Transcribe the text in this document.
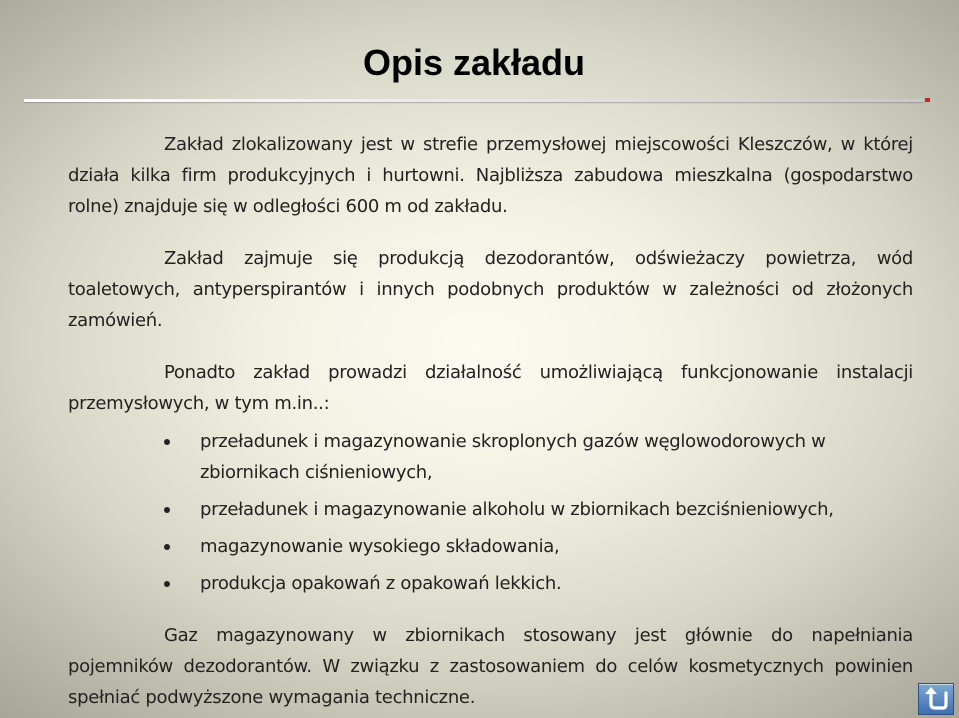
Opis zakładu

Zakład zlokalizowany jest w strefie przemysłowej miejscowości Kleszczów, w której działa kilka firm produkcyjnych i hurtowni. Najbliższa zabudowa mieszkalna (gospodarstwo rolne) znajduje się w odległości 600 m od zakładu.

Zakład zajmuje się produkcją dezodorantów, odświeżaczy powietrza, wód toaletowych, antyperspirantów i innych podobnych produktów w zależności od złożonych zamówień.

Ponadto zakład prowadzi działalność umożliwiającą funkcjonowanie instalacji przemysłowych, w tym m.in..:

przeładunek i magazynowanie skroplonych gazów węglowodorowych w zbiornikach ciśnieniowych,
przeładunek i magazynowanie alkoholu w zbiornikach bezciśnieniowych,
magazynowanie wysokiego składowania,
produkcja opakowań z opakowań lekkich.

Gaz magazynowany w zbiornikach stosowany jest głównie do napełniania pojemników dezodorantów. W związku z zastosowaniem do celów kosmetycznych powinien spełniać podwyższone wymagania techniczne.
